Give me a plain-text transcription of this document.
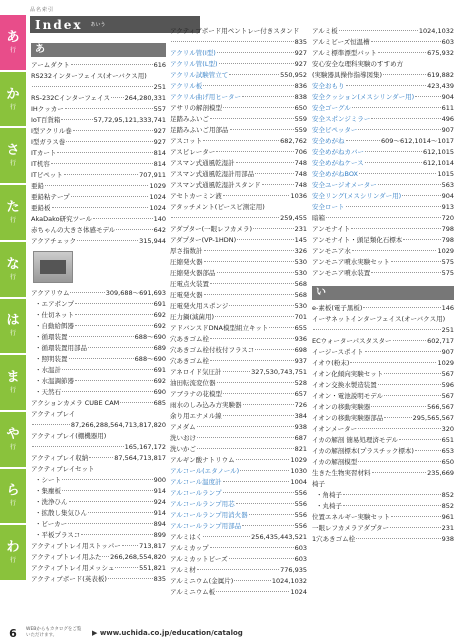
あ
行
か
行
さ
行
た
行
な
行
は
行
ま
行
や
行
ら
行
わ
行
品名索引
Index あいう
あ
アームダクト	616
RS232インターフェイス(オーバクス用)
251
RS-232Cインターフェイス 264,280,331
IHクッカー	557
IoT百貨箱	57,72,95,121,333,741
I型アクリル巻	927
I型ガラス巻	927
ITカート	814
IT机容	814
ITピペット	707,911
亜鉛	1029
亜鉛粘テープ	1024
亜鉛板	1024
AkaDako研究ツール	140
赤ちゃんの大きさ体感モデル	642
アクアチェック	315,944
アクアリウム	309,688〜691,693
・エアポンプ	691
・仕切ネット	692
・自動給餌器	692
・循環装置	688〜690
・循環装置用部品	689
・照明装置	688〜690
・水温計	691
・水温調節器	692
・天然石	690
アクションカメラ CUBE CAM	685
アクティブレイ
87,266,288,564,713,817,820
アクティブレイ(棚機器用)
165,167,172
アクティブレイ収納	87,564,713,817
アクティブレイセット
・シート	900
・集塵板	914
・洗浄ひん	924
・拡散し集気ひん	914
・ビーカー	894
・平板プラスコ	899
アクティブトレイ用ストッパー	713,817
アクティブトレイ用ふた 266,268,554,820
アクティブトレイ用メッシュ	551,821
アクティブボード(英表板)	835
アクティブボード用ペントレー付きスタンド
835
アクリル管(I型)	927
アクリル管(L型)	927
アクリル試験管立て	550,952
アクリル板	836
アクリル曲げ用ヒーター	838
アサリの解剖模型	650
足踏みふいご	559
足踏みふいご用部品	559
アスコット	682,762
アスピレーター	706
アスマン式通風乾湿計	748
アスマン式通風乾湿計用部品	748
アスマン式通風乾湿計スタンド	748
アセトカーミン液	1036
アタッチメント(ピースピ測定用)
259,455
アダプター(一眼レフカメラ)	231
アダプター(VP-1HDN)	145
厚さ指数計	326
圧縮発火器	530
圧縮発火器部品	530
圧電点火装置	568
圧電発火器	568
圧電発火用スポンジ	530
圧力鍋(減菌用)	701
アドバンスドDNA模型組立キット	655
穴あきゴム栓	936
穴あきゴム栓付枝付フラスコ	698
穴あきゴム栓	937
アネロイド気圧計	327,530,743,751
油田転流変位器	528
アブラナの花模型	657
雨水のしみ込み方実験器	726
余り用エナメル線	384
アメダム	938
洗いおけ	687
洗いかご	821
アルギン酸ナトリウム	1029
アルコール(エタノール)	1030
アルコール温度計	1004
アルコールランプ	556
アルコールランプ用芯	556
アルコールランプ用消火器	556
アルコールランプ用部品	556
アルミはく	256,435,443,521
アルミカップ	603
アルミカットビーズ	603
アルミ材	776,935
アルミニウム(金属片)	1024,1032
アルミニウム板	1024
アルミ板	1024,1032
アルミビーズ恒温槽	603
アルミ標準漂型バット	675,932
安心安全な理科実験のすすめ方
(実験器具操作指導図集)	619,882
安全おもり	423,439
安全クッション(メスシリンダー用)	904
安全ゴーグル	611
安全スポンジミラー	496
安全ピペッター	907
安全めがね	609〜612,1014〜1017
安全めがねカバー	612,1015
安全めがねケース	612,1014
安全めがねBOX	1015
安全ユージオメーター	563
安全リング(メスシリンダー用)	904
安全ロート	913
暗箱	720
アンモナイト	798
アンモナイト・頭足類化石標本	798
アンモニア水	1029
アンモニア噴水実験セット	575
アンモニア噴水装置	575
い
e-素板(電子黒板)	146
イーサネットインターフェイス(オーバクス用)
251
ECウォーターパスタスター	602,717
イージースポイト	907
イオウ(粉末)	1029
イオン化傾向実験セット	567
イオン交換水製造装置	596
イオン・電池説明モデル	567
イオンの移動実験器	566,567
イオンの移動実験器部品	295,565,567
イオンメーター	320
イカの解剖 簡易処理済モデル	651
イカの解剖標本(プラスチック標本)	653
イカの解剖模型	650
生きた生物実習材料	235,669
椅子
・角椅子	852
・丸椅子	852
位置エネルギー実験セット	961
一眼レフカメラアダプター	231
1穴あきゴム栓	938
6	WEBからもカタログをご覧いただけます。	▶ www.uchida.co.jp/education/catalog
